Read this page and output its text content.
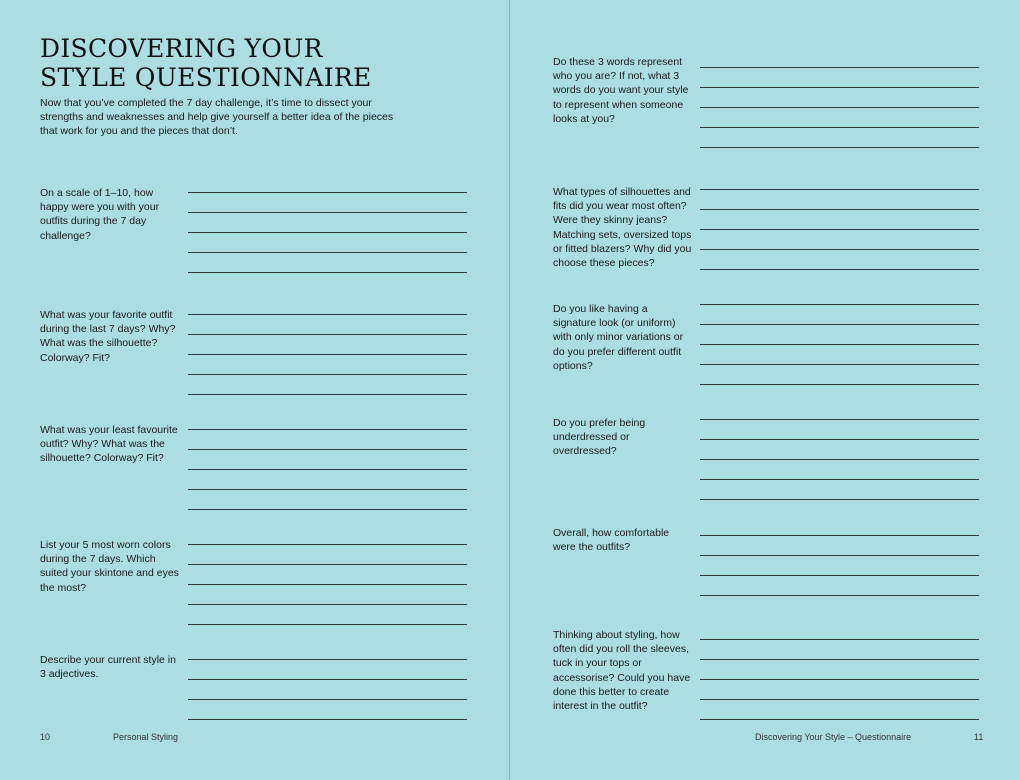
DISCOVERING YOUR
STYLE QUESTIONNAIRE

Now that you’ve completed the 7 day challenge, it’s time to dissect your strengths and weaknesses and help give yourself a better idea of the pieces that work for you and the pieces that don’t.

On a scale of 1–10, how happy were you with your outfits during the 7 day challenge?
What was your favorite outfit during the last 7 days? Why? What was the silhouette? Colorway? Fit?
What was your least favourite outfit? Why? What was the silhouette? Colorway? Fit?
List your 5 most worn colors during the 7 days. Which suited your skintone and eyes the most?
Describe your current style in 3 adjectives.
10	Personal Styling
Do these 3 words represent who you are? If not, what 3 words do you want your style to represent when someone looks at you?
What types of silhouettes and fits did you wear most often? Were they skinny jeans? Matching sets, oversized tops or fitted blazers? Why did you choose these pieces?
Do you like having a signature look (or uniform) with only minor variations or do you prefer different outfit options?
Do you prefer being underdressed or overdressed?
Overall, how comfortable were the outfits?
Thinking about styling, how often did you roll the sleeves, tuck in your tops or accessorise? Could you have done this better to create interest in the outfit?
Discovering Your Style – Questionnaire	11
